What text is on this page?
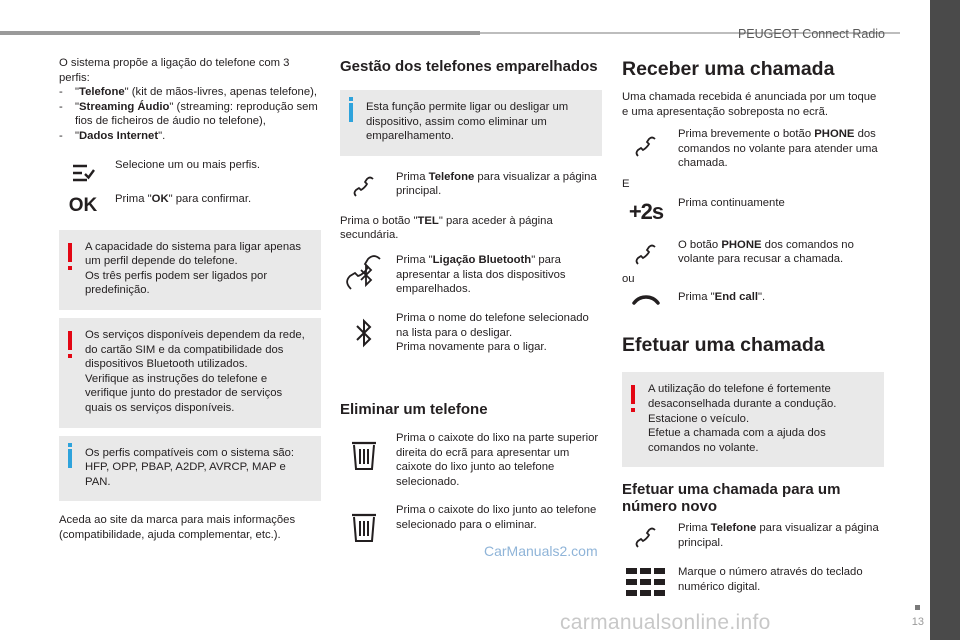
PEUGEOT Connect Radio
13

O sistema propõe a ligação do telefone com 3 perfis:

- "Telefone" (kit de mãos-livres, apenas telefone),
- "Streaming Áudio" (streaming: reprodução sem fios de ficheiros de áudio no telefone),
- "Dados Internet".

Selecione um ou mais perfis.

OK Prima "OK" para confirmar.

A capacidade do sistema para ligar apenas um perfil depende do telefone.
Os três perfis podem ser ligados por predefinição.

Os serviços disponíveis dependem da rede, do cartão SIM e da compatibilidade dos dispositivos Bluetooth utilizados.
Verifique as instruções do telefone e verifique junto do prestador de serviços quais os serviços disponíveis.

Os perfis compatíveis com o sistema são: HFP, OPP, PBAP, A2DP, AVRCP, MAP e PAN.

Aceda ao site da marca para mais informações (compatibilidade, ajuda complementar, etc.).

Gestão dos telefones emparelhados

Esta função permite ligar ou desligar um dispositivo, assim como eliminar um emparelhamento.

Prima Telefone para visualizar a página principal.

Prima o botão "TEL" para aceder à página secundária.

Prima "Ligação Bluetooth" para apresentar a lista dos dispositivos emparelhados.

Prima o nome do telefone selecionado na lista para o desligar.
Prima novamente para o ligar.

Eliminar um telefone

Prima o caixote do lixo na parte superior direita do ecrã para apresentar um caixote do lixo junto ao telefone selecionado.

Prima o caixote do lixo junto ao telefone selecionado para o eliminar.

Receber uma chamada

Uma chamada recebida é anunciada por um toque e uma apresentação sobreposta no ecrã.

Prima brevemente o botão PHONE dos comandos no volante para atender uma chamada.

E

+2s Prima continuamente

O botão PHONE dos comandos no volante para recusar a chamada.

ou

Prima "End call".

Efetuar uma chamada

A utilização do telefone é fortemente desaconselhada durante a condução.
Estacione o veículo.
Efetue a chamada com a ajuda dos comandos no volante.

Efetuar uma chamada para um número novo

Prima Telefone para visualizar a página principal.

Marque o número através do teclado numérico digital.

CarManuals2.com
carmanualsonline.info
